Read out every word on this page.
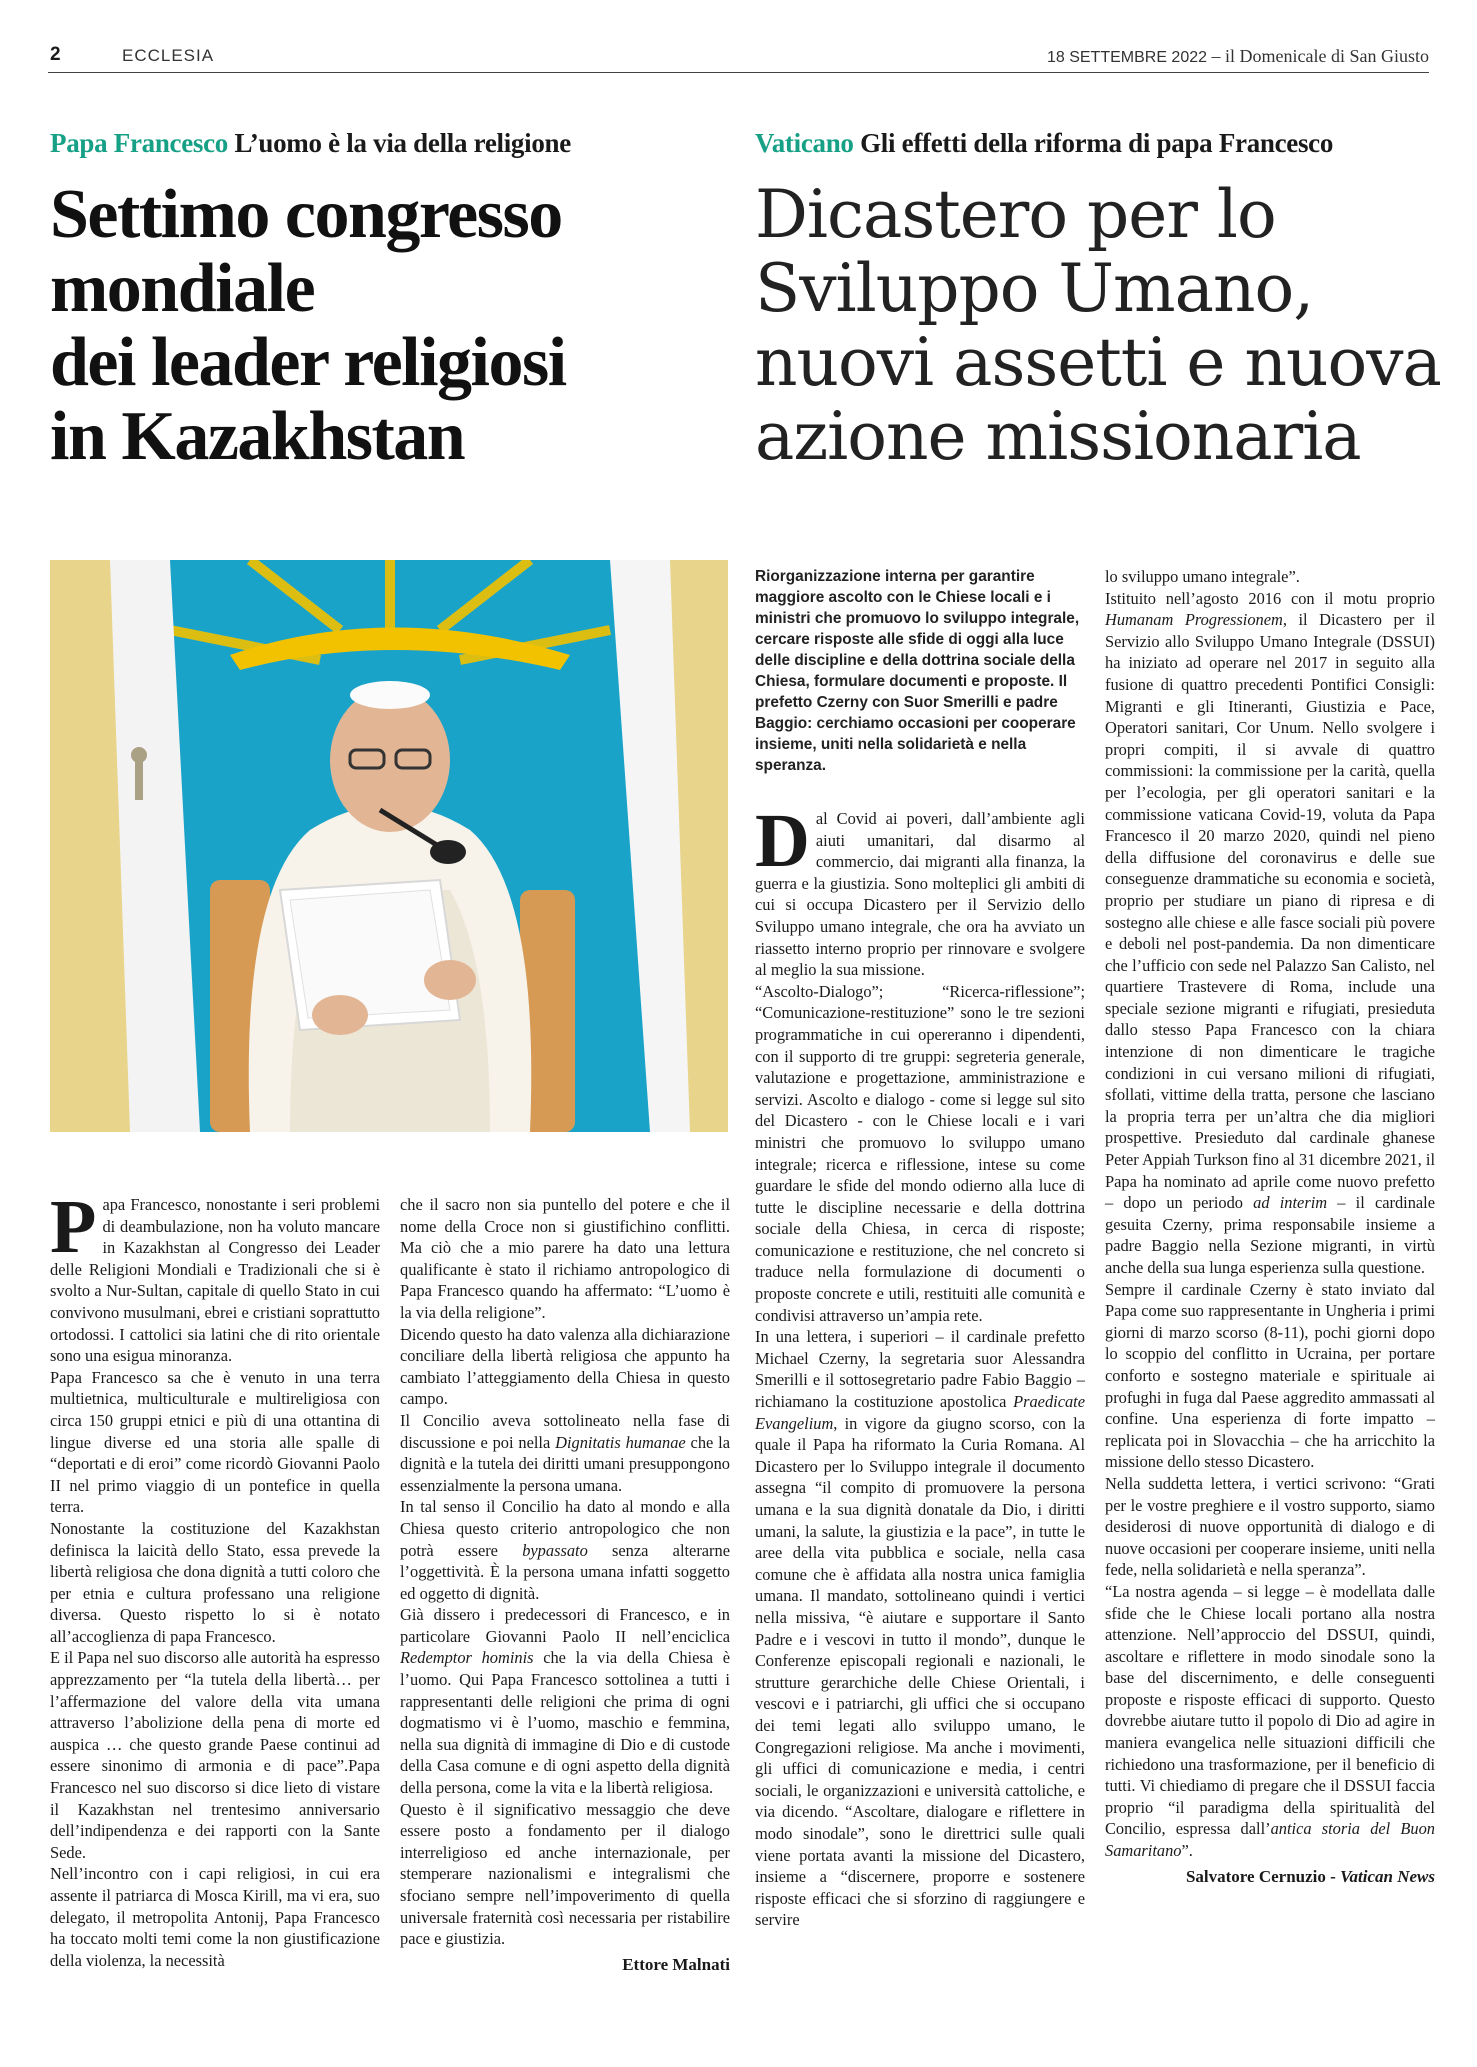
2	ECCLESIA	18 SETTEMBRE 2022 – il Domenicale di San Giusto
Papa Francesco L’uomo è la via della religione
Settimo congresso
mondiale
dei leader religiosi
in Kazakhstan
Vaticano Gli effetti della riforma di papa Francesco
Dicastero per lo
Sviluppo Umano,
nuovi assetti e nuova
azione missionaria

Papa Francesco, nonostante i seri problemi di deambulazione, non ha voluto mancare in Kazakhstan al Congresso dei Leader delle Religioni Mondiali e Tradizionali che si è svolto a Nur-Sultan, capitale di quello Stato in cui convivono musulmani, ebrei e cristiani soprattutto ortodossi. I cattolici sia latini che di rito orientale sono una esigua minoranza.

Papa Francesco sa che è venuto in una terra multietnica, multiculturale e multireligiosa con circa 150 gruppi etnici e più di una ottantina di lingue diverse ed una storia alle spalle di “deportati e di eroi” come ricordò Giovanni Paolo II nel primo viaggio di un pontefice in quella terra.

Nonostante la costituzione del Kazakhstan definisca la laicità dello Stato, essa prevede la libertà religiosa che dona dignità a tutti coloro che per etnia e cultura professano una religione diversa. Questo rispetto lo si è notato all’accoglienza di papa Francesco.

E il Papa nel suo discorso alle autorità ha espresso apprezzamento per “la tutela della libertà… per l’affermazione del valore della vita umana attraverso l’abolizione della pena di morte ed auspica … che questo grande Paese continui ad essere sinonimo di armonia e di pace”.Papa Francesco nel suo discorso si dice lieto di vistare il Kazakhstan nel trentesimo anniversario dell’indipendenza e dei rapporti con la Sante Sede.

Nell’incontro con i capi religiosi, in cui era assente il patriarca di Mosca Kirill, ma vi era, suo delegato, il metropolita Antonij, Papa Francesco ha toccato molti temi come la non giustificazione della violenza, la necessità

che il sacro non sia puntello del potere e che il nome della Croce non si giustifichino conflitti. Ma ciò che a mio parere ha dato una lettura qualificante è stato il richiamo antropologico di Papa Francesco quando ha affermato: “L’uomo è la via della religione”.

Dicendo questo ha dato valenza alla dichiarazione conciliare della libertà religiosa che appunto ha cambiato l’atteggiamento della Chiesa in questo campo.

Il Concilio aveva sottolineato nella fase di discussione e poi nella Dignitatis humanae che la dignità e la tutela dei diritti umani presuppongono essenzialmente la persona umana.

In tal senso il Concilio ha dato al mondo e alla Chiesa questo criterio antropologico che non potrà essere bypassato senza alterarne l’oggettività. È la persona umana infatti soggetto ed oggetto di dignità.

Già dissero i predecessori di Francesco, e in particolare Giovanni Paolo II nell’enciclica Redemptor hominis che la via della Chiesa è l’uomo. Qui Papa Francesco sottolinea a tutti i rappresentanti delle religioni che prima di ogni dogmatismo vi è l’uomo, maschio e femmina, nella sua dignità di immagine di Dio e di custode della Casa comune e di ogni aspetto della dignità della persona, come la vita e la libertà religiosa.

Questo è il significativo messaggio che deve essere posto a fondamento per il dialogo interreligioso ed anche internazionale, per stemperare nazionalismi e integralismi che sfociano sempre nell’impoverimento di quella universale fraternità così necessaria per ristabilire pace e giustizia.

Ettore Malnati

Riorganizzazione interna per garantire maggiore ascolto con le Chiese locali e i ministri che promuovo lo sviluppo integrale, cercare risposte alle sfide di oggi alla luce delle discipline e della dottrina sociale della Chiesa, formulare documenti e proposte. Il prefetto Czerny con Suor Smerilli e padre Baggio: cerchiamo occasioni per cooperare insieme, uniti nella solidarietà e nella speranza.

Dal Covid ai poveri, dall’ambiente agli aiuti umanitari, dal disarmo al commercio, dai migranti alla finanza, la guerra e la giustizia. Sono molteplici gli ambiti di cui si occupa Dicastero per il Servizio dello Sviluppo umano integrale, che ora ha avviato un riassetto interno proprio per rinnovare e svolgere al meglio la sua missione.

“Ascolto-Dialogo”; “Ricerca-riflessione”; “Comunicazione-restituzione” sono le tre sezioni programmatiche in cui opereranno i dipendenti, con il supporto di tre gruppi: segreteria generale, valutazione e progettazione, amministrazione e servizi. Ascolto e dialogo - come si legge sul sito del Dicastero - con le Chiese locali e i vari ministri che promuovo lo sviluppo umano integrale; ricerca e riflessione, intese su come guardare le sfide del mondo odierno alla luce di tutte le discipline necessarie e della dottrina sociale della Chiesa, in cerca di risposte; comunicazione e restituzione, che nel concreto si traduce nella formulazione di documenti o proposte concrete e utili, restituiti alle comunità e condivisi attraverso un’ampia rete.

In una lettera, i superiori – il cardinale prefetto Michael Czerny, la segretaria suor Alessandra Smerilli e il sottosegretario padre Fabio Baggio – richiamano la costituzione apostolica Praedicate Evangelium, in vigore da giugno scorso, con la quale il Papa ha riformato la Curia Romana. Al Dicastero per lo Sviluppo integrale il documento assegna “il compito di promuovere la persona umana e la sua dignità donatale da Dio, i diritti umani, la salute, la giustizia e la pace”, in tutte le aree della vita pubblica e sociale, nella casa comune che è affidata alla nostra unica famiglia umana. Il mandato, sottolineano quindi i vertici nella missiva, “è aiutare e supportare il Santo Padre e i vescovi in tutto il mondo”, dunque le Conferenze episcopali regionali e nazionali, le strutture gerarchiche delle Chiese Orientali, i vescovi e i patriarchi, gli uffici che si occupano dei temi legati allo sviluppo umano, le Congregazioni religiose. Ma anche i movimenti, gli uffici di comunicazione e media, i centri sociali, le organizzazioni e università cattoliche, e via dicendo. “Ascoltare, dialogare e riflettere in modo sinodale”, sono le direttrici sulle quali viene portata avanti la missione del Dicastero, insieme a “discernere, proporre e sostenere risposte efficaci che si sforzino di raggiungere e servire

lo sviluppo umano integrale”.

Istituito nell’agosto 2016 con il motu proprio Humanam Progressionem, il Dicastero per il Servizio allo Sviluppo Umano Integrale (DSSUI) ha iniziato ad operare nel 2017 in seguito alla fusione di quattro precedenti Pontifici Consigli: Migranti e gli Itineranti, Giustizia e Pace, Operatori sanitari, Cor Unum. Nello svolgere i propri compiti, il si avvale di quattro commissioni: la commissione per la carità, quella per l’ecologia, per gli operatori sanitari e la commissione vaticana Covid-19, voluta da Papa Francesco il 20 marzo 2020, quindi nel pieno della diffusione del coronavirus e delle sue conseguenze drammatiche su economia e società, proprio per studiare un piano di ripresa e di sostegno alle chiese e alle fasce sociali più povere e deboli nel post-pandemia. Da non dimenticare che l’ufficio con sede nel Palazzo San Calisto, nel quartiere Trastevere di Roma, include una speciale sezione migranti e rifugiati, presieduta dallo stesso Papa Francesco con la chiara intenzione di non dimenticare le tragiche condizioni in cui versano milioni di rifugiati, sfollati, vittime della tratta, persone che lasciano la propria terra per un’altra che dia migliori prospettive. Presieduto dal cardinale ghanese Peter Appiah Turkson fino al 31 dicembre 2021, il Papa ha nominato ad aprile come nuovo prefetto – dopo un periodo ad interim – il cardinale gesuita Czerny, prima responsabile insieme a padre Baggio nella Sezione migranti, in virtù anche della sua lunga esperienza sulla questione.

Sempre il cardinale Czerny è stato inviato dal Papa come suo rappresentante in Ungheria i primi giorni di marzo scorso (8-11), pochi giorni dopo lo scoppio del conflitto in Ucraina, per portare conforto e sostegno materiale e spirituale ai profughi in fuga dal Paese aggredito ammassati al confine. Una esperienza di forte impatto – replicata poi in Slovacchia – che ha arricchito la missione dello stesso Dicastero.

Nella suddetta lettera, i vertici scrivono: “Grati per le vostre preghiere e il vostro supporto, siamo desiderosi di nuove opportunità di dialogo e di nuove occasioni per cooperare insieme, uniti nella fede, nella solidarietà e nella speranza”.

“La nostra agenda – si legge – è modellata dalle sfide che le Chiese locali portano alla nostra attenzione. Nell’approccio del DSSUI, quindi, ascoltare e riflettere in modo sinodale sono la base del discernimento, e delle conseguenti proposte e risposte efficaci di supporto. Questo dovrebbe aiutare tutto il popolo di Dio ad agire in maniera evangelica nelle situazioni difficili che richiedono una trasformazione, per il beneficio di tutti. Vi chiediamo di pregare che il DSSUI faccia proprio “il paradigma della spiritualità del Concilio, espressa dall’antica storia del Buon Samaritano”.

Salvatore Cernuzio - Vatican News
